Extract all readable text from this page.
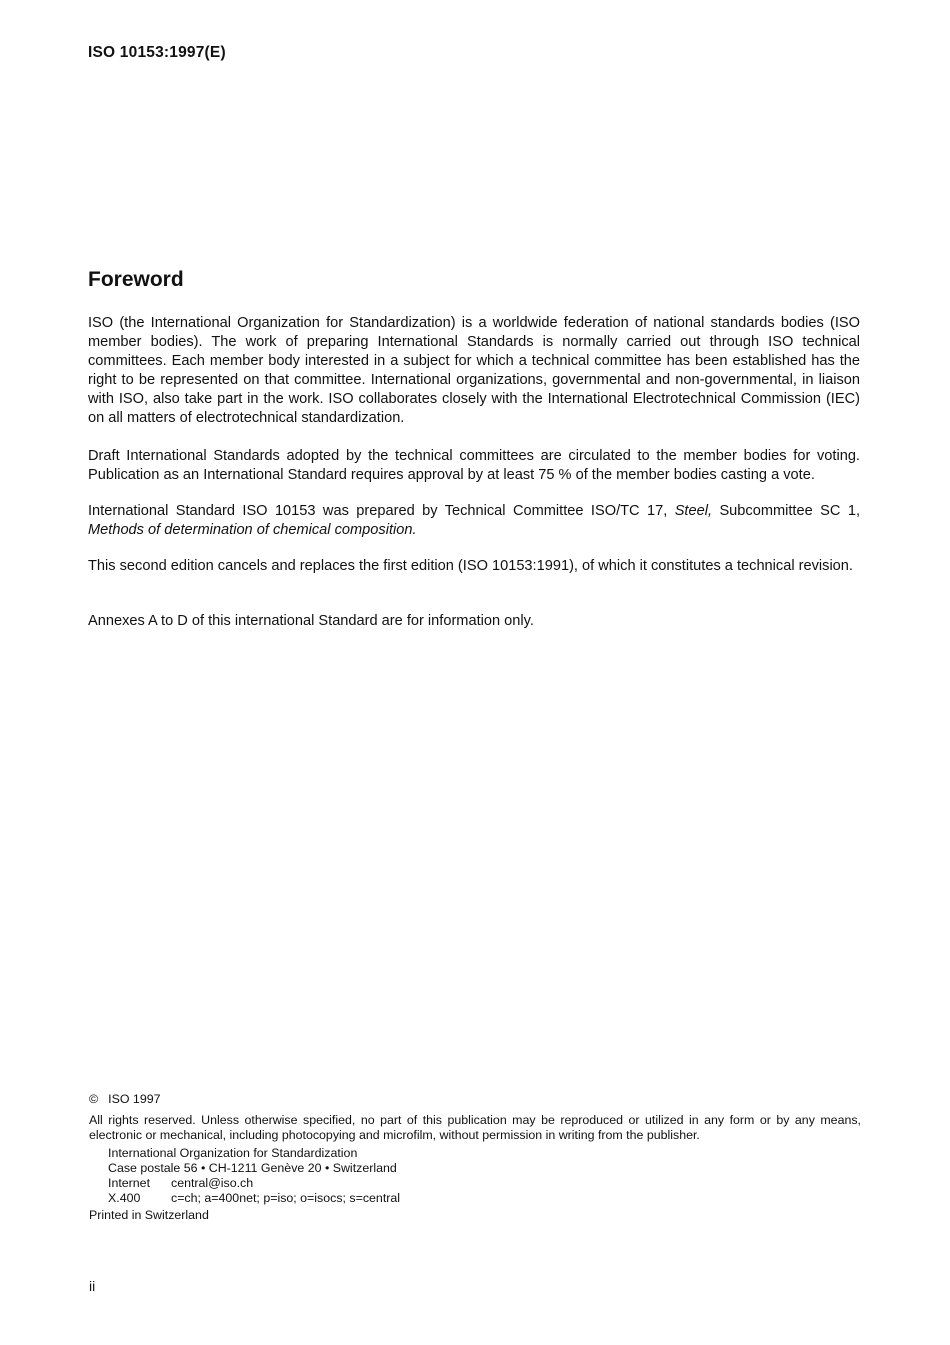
ISO 10153:1997(E)
Foreword

ISO (the International Organization for Standardization) is a worldwide federation of national standards bodies (ISO member bodies). The work of preparing International Standards is normally carried out through ISO technical committees. Each member body interested in a subject for which a technical committee has been established has the right to be represented on that committee. International organizations, governmental and non-governmental, in liaison with ISO, also take part in the work. ISO collaborates closely with the International Electrotechnical Commission (IEC) on all matters of electrotechnical standardization.

Draft International Standards adopted by the technical committees are circulated to the member bodies for voting. Publication as an International Standard requires approval by at least 75 % of the member bodies casting a vote.

International Standard ISO 10153 was prepared by Technical Committee ISO/TC 17, Steel, Subcommittee SC 1, Methods of determination of chemical composition.

This second edition cancels and replaces the first edition (ISO 10153:1991), of which it constitutes a technical revision.

Annexes A to D of this international Standard are for information only.

© ISO 1997

All rights reserved. Unless otherwise specified, no part of this publication may be reproduced or utilized in any form or by any means, electronic or mechanical, including photocopying and microfilm, without permission in writing from the publisher.

International Organization for Standardization
Case postale 56 • CH-1211 Genève 20 • Switzerland
Internet	central@iso.ch
X.400	c=ch; a=400net; p=iso; o=isocs; s=central
Printed in Switzerland
ii
